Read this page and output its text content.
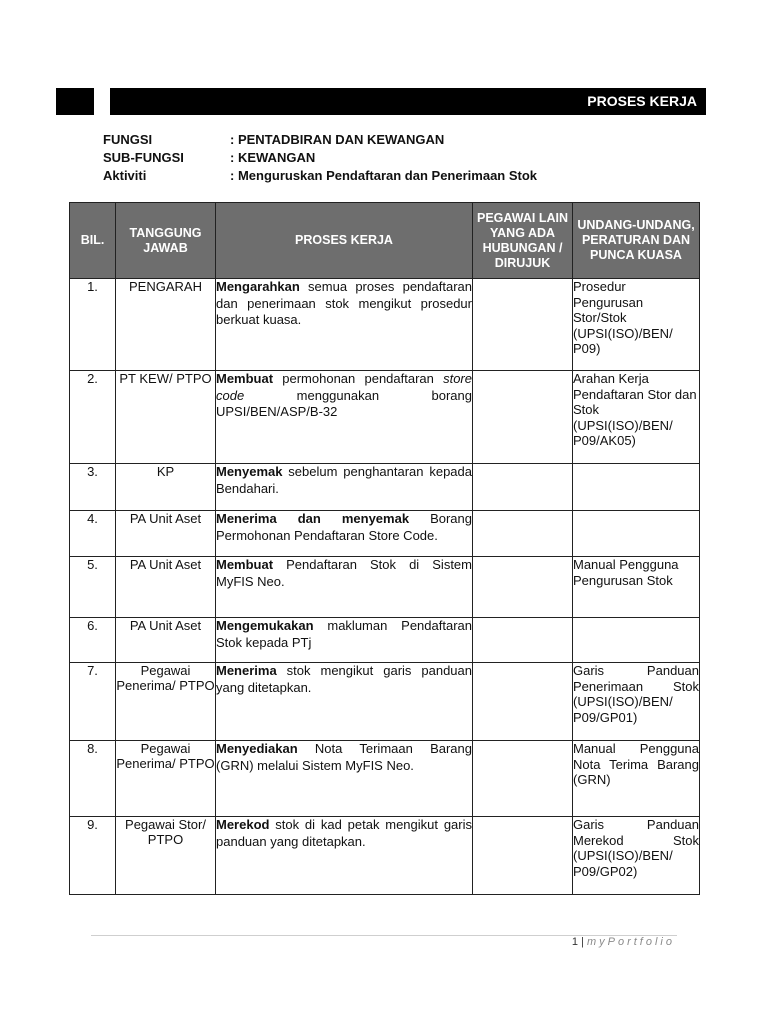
PROSES KERJA
FUNGSI	: PENTADBIRAN DAN KEWANGAN
SUB-FUNGSI	: KEWANGAN
Aktiviti	: Menguruskan Pendaftaran dan Penerimaan Stok
BIL.	TANGGUNG JAWAB	PROSES KERJA	PEGAWAI LAIN YANG ADA HUBUNGAN / DIRUJUK	UNDANG-UNDANG, PERATURAN DAN PUNCA KUASA
1.	PENGARAH	Mengarahkan semua proses pendaftaran dan penerimaan stok mengikut prosedur berkuat kuasa.		Prosedur Pengurusan Stor/Stok (UPSI(ISO)/BEN/ P09)
2.	PT KEW/ PTPO	Membuat permohonan pendaftaran store code menggunakan borang UPSI/BEN/ASP/B-32		Arahan Kerja Pendaftaran Stor dan Stok (UPSI(ISO)/BEN/ P09/AK05)
3.	KP	Menyemak sebelum penghantaran kepada Bendahari.		
4.	PA Unit Aset	Menerima dan menyemak Borang Permohonan Pendaftaran Store Code.		
5.	PA Unit Aset	Membuat Pendaftaran Stok di Sistem MyFIS Neo.		Manual Pengguna Pengurusan Stok
6.	PA Unit Aset	Mengemukakan makluman Pendaftaran Stok kepada PTj		
7.	Pegawai Penerima/ PTPO	Menerima stok mengikut garis panduan yang ditetapkan.		Garis Panduan Penerimaan Stok (UPSI(ISO)/BEN/ P09/GP01)
8.	Pegawai Penerima/ PTPO	Menyediakan Nota Terimaan Barang (GRN) melalui Sistem MyFIS Neo.		Manual Pengguna Nota Terima Barang (GRN)
9.	Pegawai Stor/ PTPO	Merekod stok di kad petak mengikut garis panduan yang ditetapkan.		Garis Panduan Merekod Stok (UPSI(ISO)/BEN/ P09/GP02)
1 | myPortfolio
